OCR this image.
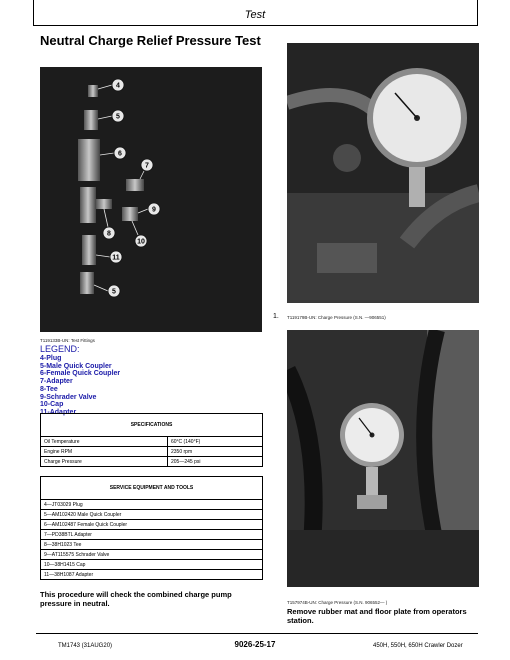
Test
Neutral Charge Relief Pressure Test
4
5
6
7
9
8
10
11
5
T119133B-UN: Test Fittings
LEGEND:
4-Plug
5-Male Quick Coupler
6-Female Quick Coupler
7-Adapter
8-Tee
9-Schrader Valve
10-Cap
11-Adapter
SPECIFICATIONS	
Oil Temperature	60°C (140°F)
Engine RPM	2350 rpm
Charge Pressure	205—245 psi
SERVICE EQUIPMENT AND TOOLS
4—JT03029 Plug
5—AM102420 Male Quick Coupler
6—AM102487 Female Quick Coupler
7—PD38BTL Adapter
8—38H1023 Tee
9—AT115575 Schrader Valve
10—38H1415 Cap
11—38H1087 Adapter
This procedure will check the combined charge pump pressure in neutral.
1. T119179B-UN: Charge Pressure (S.N. —906551)
T157974B-UN: Charge Pressure (S.N. 906552— )
Remove rubber mat and floor plate from operators station.
TM1743 (31AUG20)	9026-25-17	450H, 550H, 650H Crawler Dozer
